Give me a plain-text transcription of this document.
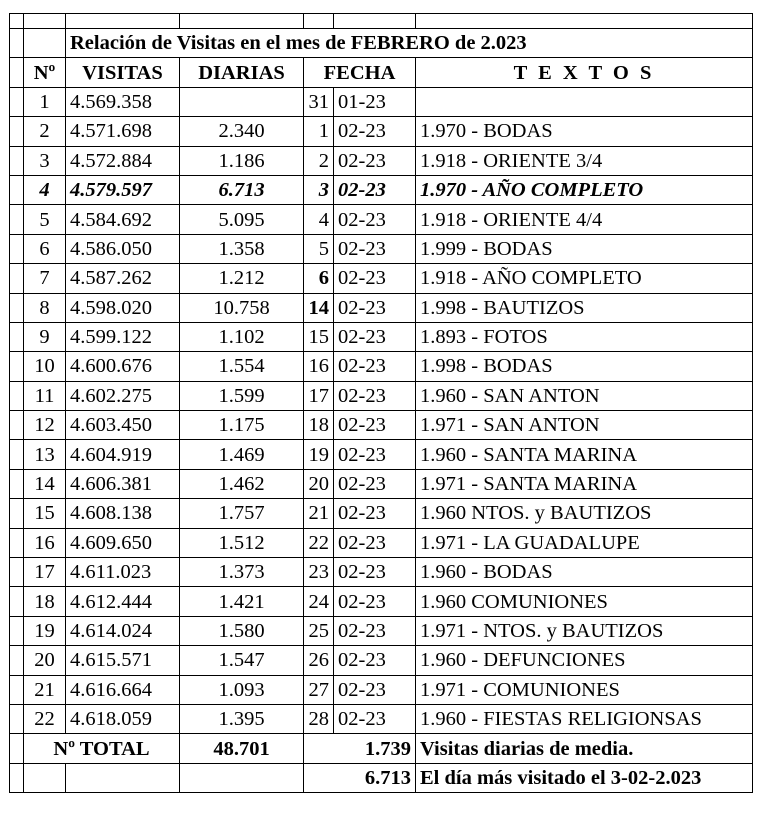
		Relación de Visitas en el mes de FEBRERO de 2.023				
	Nº	VISITAS	DIARIAS	FECHA		T E X T O S
	1	4.569.358		31	01-23	
	2	4.571.698	2.340	1	02-23	1.970 - BODAS
	3	4.572.884	1.186	2	02-23	1.918 - ORIENTE 3/4
	4	4.579.597	6.713	3	02-23	1.970 - AÑO COMPLETO
	5	4.584.692	5.095	4	02-23	1.918 - ORIENTE 4/4
	6	4.586.050	1.358	5	02-23	1.999 - BODAS
	7	4.587.262	1.212	6	02-23	1.918 - AÑO COMPLETO
	8	4.598.020	10.758	14	02-23	1.998 - BAUTIZOS
	9	4.599.122	1.102	15	02-23	1.893 - FOTOS
	10	4.600.676	1.554	16	02-23	1.998 - BODAS
	11	4.602.275	1.599	17	02-23	1.960 - SAN ANTON
	12	4.603.450	1.175	18	02-23	1.971 - SAN ANTON
	13	4.604.919	1.469	19	02-23	1.960 - SANTA MARINA
	14	4.606.381	1.462	20	02-23	1.971 - SANTA MARINA
	15	4.608.138	1.757	21	02-23	1.960 NTOS. y BAUTIZOS
	16	4.609.650	1.512	22	02-23	1.971 - LA GUADALUPE
	17	4.611.023	1.373	23	02-23	1.960 - BODAS
	18	4.612.444	1.421	24	02-23	1.960 COMUNIONES
	19	4.614.024	1.580	25	02-23	1.971 - NTOS. y BAUTIZOS
	20	4.615.571	1.547	26	02-23	1.960 - DEFUNCIONES
	21	4.616.664	1.093	27	02-23	1.971 - COMUNIONES
	22	4.618.059	1.395	28	02-23	1.960 - FIESTAS RELIGIONSAS
	Nº TOTAL		48.701	1.739		Visitas diarias de media.
				6.713		El día más visitado el 3-02-2.023
